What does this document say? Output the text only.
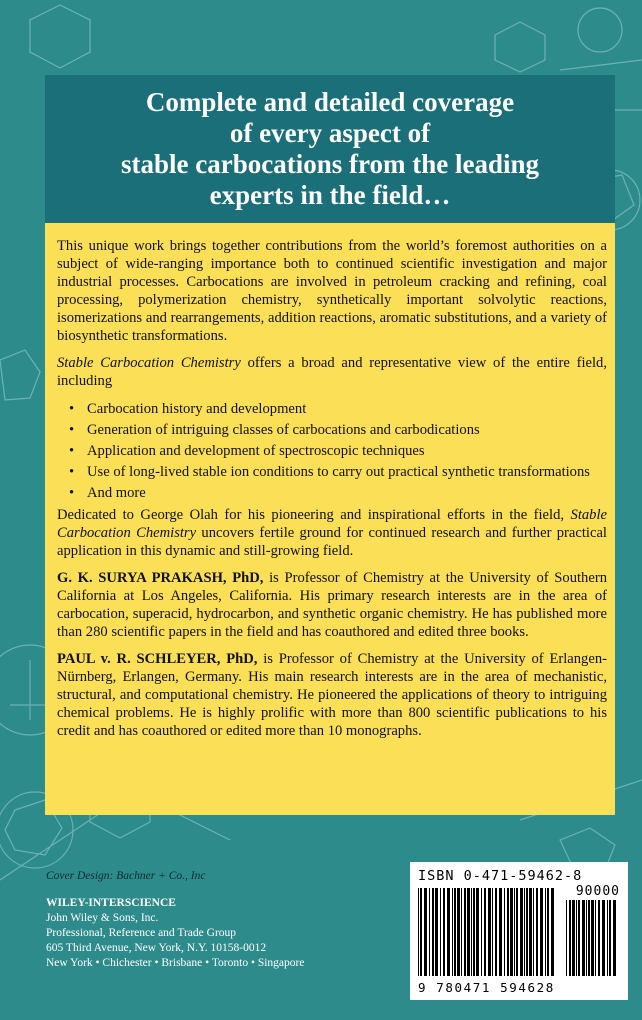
Complete and detailed coverage
of every aspect of
stable carbocations from the leading
experts in the field…

This unique work brings together contributions from the world’s foremost authorities on a subject of wide-ranging importance both to continued scientific investigation and major industrial processes. Carbocations are involved in petroleum cracking and refining, coal processing, polymerization chemistry, synthetically important solvolytic reactions, isomerizations and rearrangements, addition reactions, aromatic substitutions, and a variety of biosynthetic transformations.

Stable Carbocation Chemistry offers a broad and representative view of the entire field, including

• Carbocation history and development
• Generation of intriguing classes of carbocations and carbodications
• Application and development of spectroscopic techniques
• Use of long-lived stable ion conditions to carry out practical synthetic transformations
• And more

Dedicated to George Olah for his pioneering and inspirational efforts in the field, Stable Carbocation Chemistry uncovers fertile ground for continued research and further practical application in this dynamic and still-growing field.

G. K. SURYA PRAKASH, PhD, is Professor of Chemistry at the University of Southern California at Los Angeles, California. His primary research interests are in the area of carbocation, superacid, hydrocarbon, and synthetic organic chemistry. He has published more than 280 scientific papers in the field and has coauthored and edited three books.

PAUL v. R. SCHLEYER, PhD, is Professor of Chemistry at the University of Erlangen-Nürnberg, Erlangen, Germany. His main research interests are in the area of mechanistic, structural, and computational chemistry. He pioneered the applications of theory to intriguing chemical problems. He is highly prolific with more than 800 scientific publications to his credit and has coauthored or edited more than 10 monographs.

Cover Design: Bachner + Co., Inc
WILEY-INTERSCIENCE
John Wiley & Sons, Inc.
Professional, Reference and Trade Group
605 Third Avenue, New York, N.Y. 10158-0012
New York • Chichester • Brisbane • Toronto • Singapore
ISBN 0-471-59462-8
90000
9 780471 594628
